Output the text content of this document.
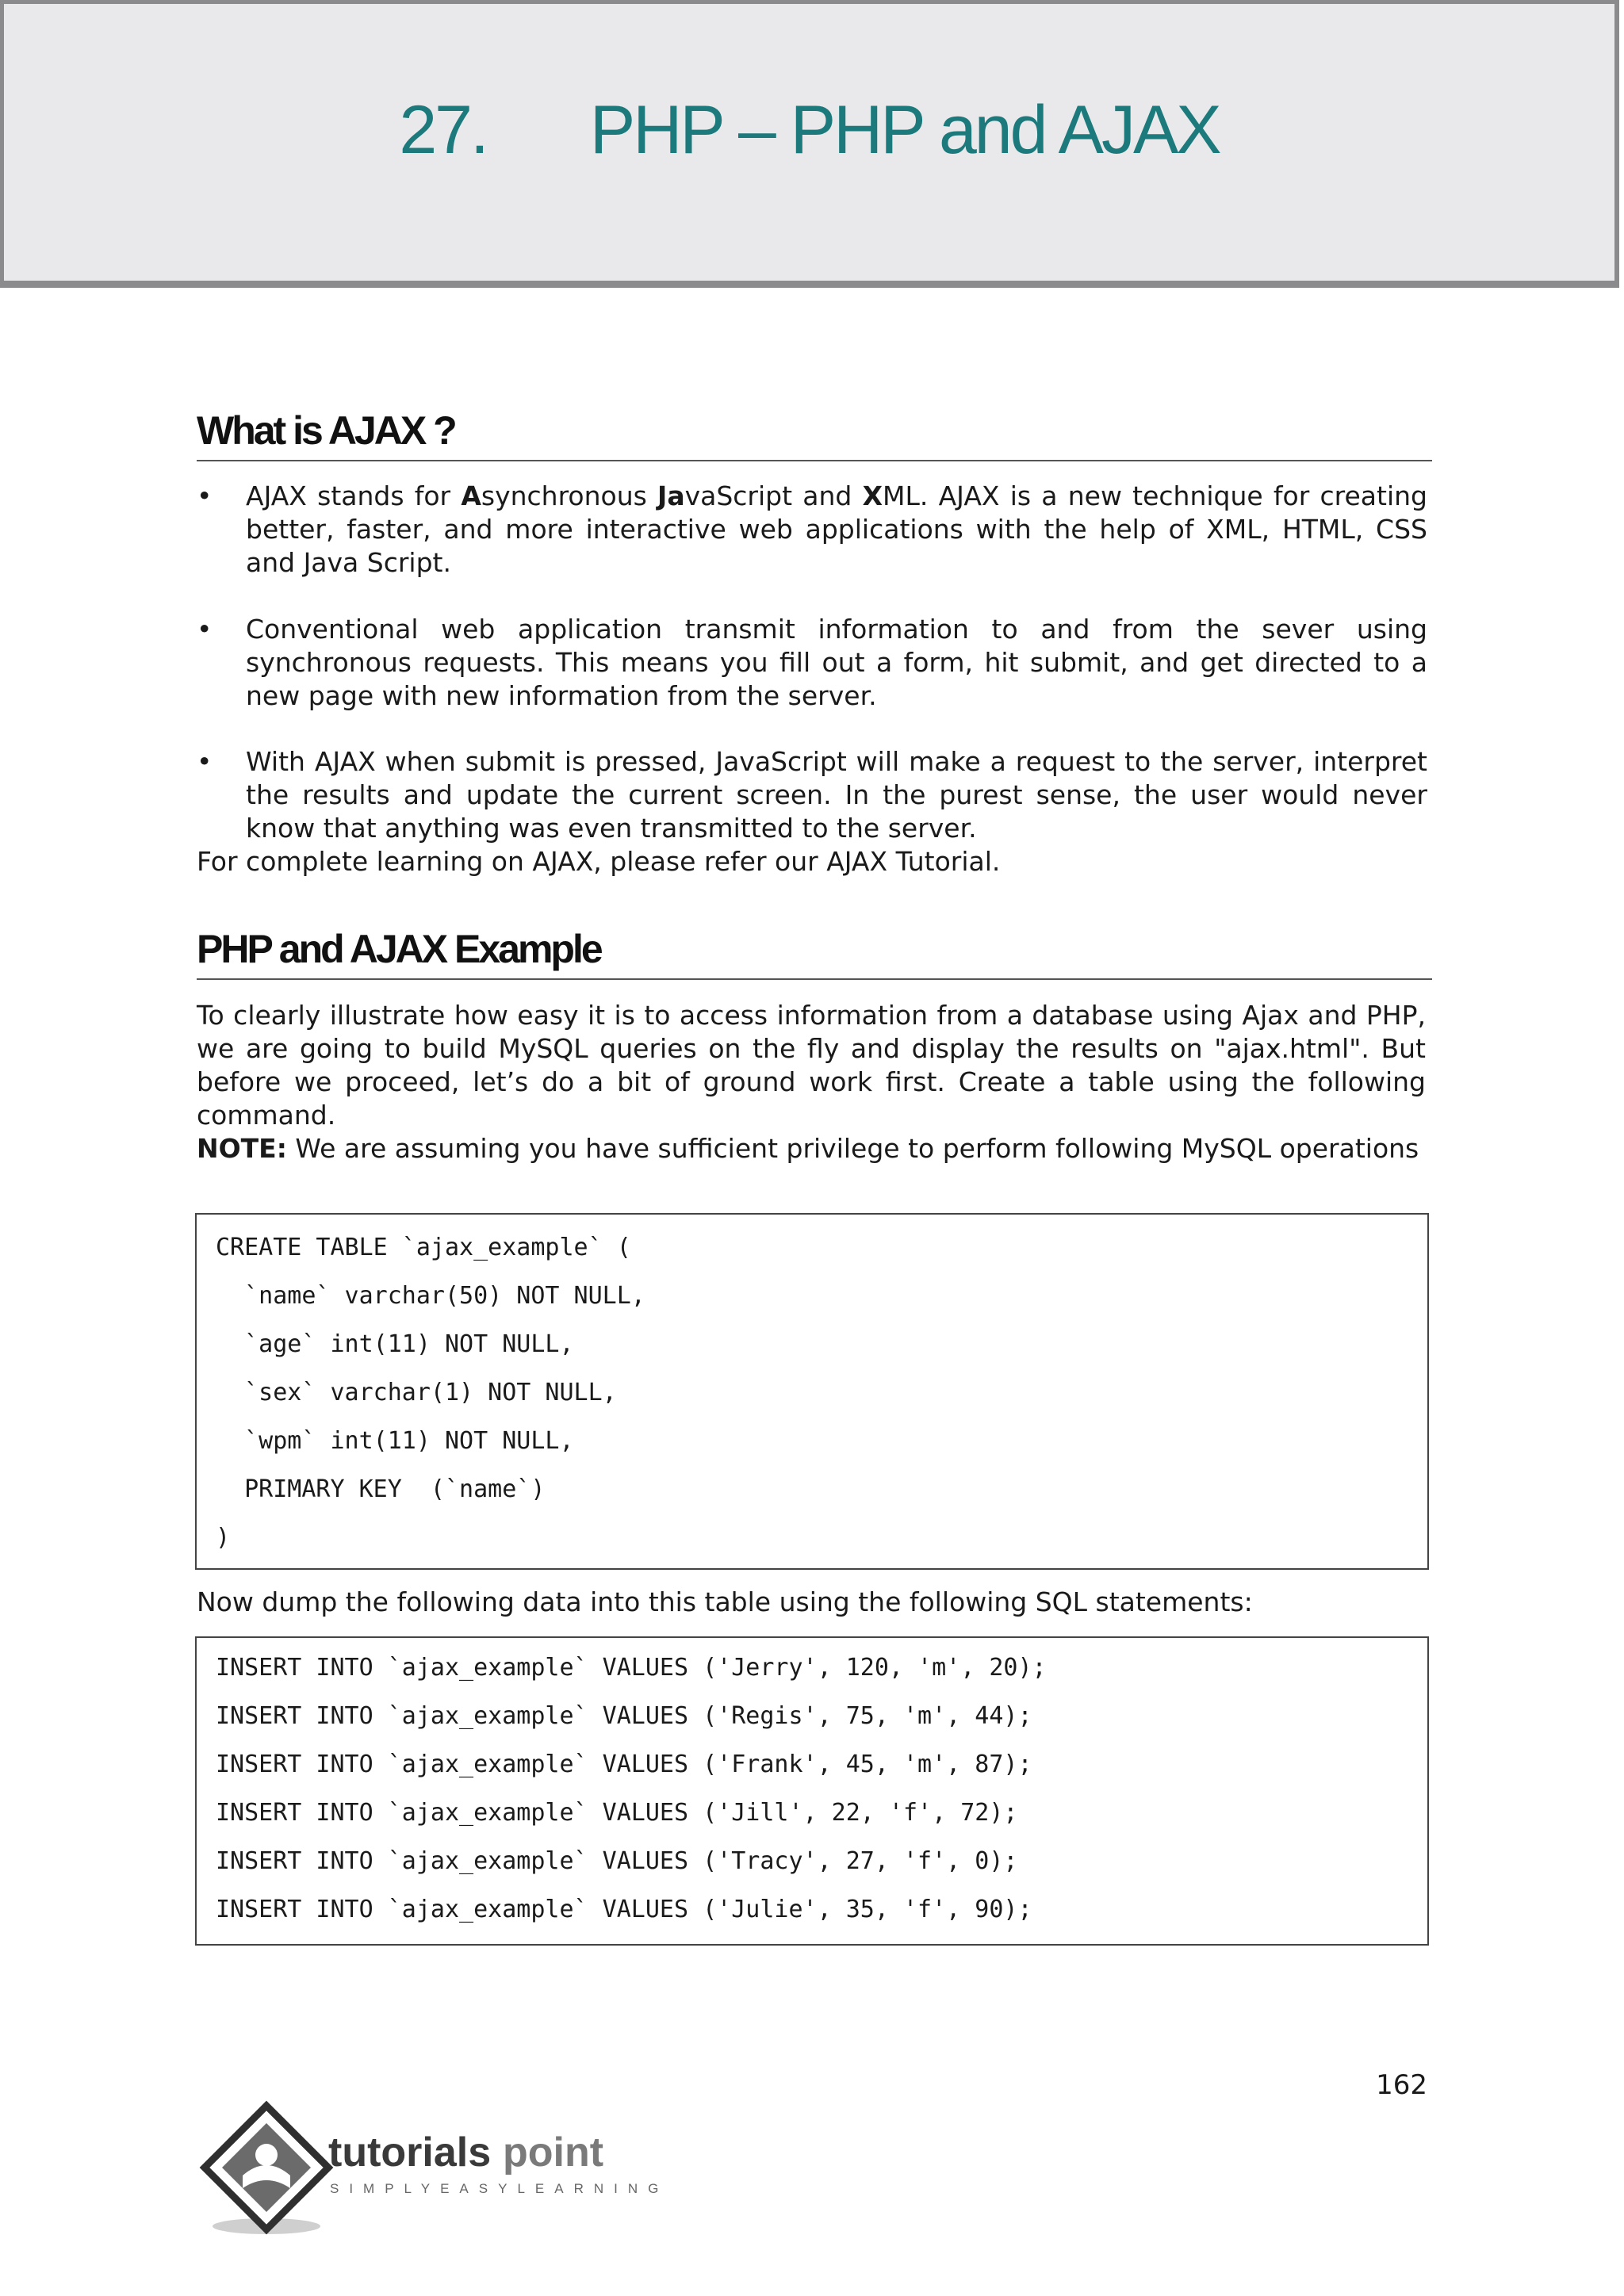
27. PHP – PHP and AJAX
What is AJAX ?
• AJAX stands for Asynchronous JavaScript and XML. AJAX is a new technique for creating better, faster, and more interactive web applications with the help of XML, HTML, CSS and Java Script.
• Conventional web application transmit information to and from the sever using synchronous requests. This means you fill out a form, hit submit, and get directed to a new page with new information from the server.
• With AJAX when submit is pressed, JavaScript will make a request to the server, interpret the results and update the current screen. In the purest sense, the user would never know that anything was even transmitted to the server.
For complete learning on AJAX, please refer our AJAX Tutorial.
PHP and AJAX Example
To clearly illustrate how easy it is to access information from a database using Ajax and PHP, we are going to build MySQL queries on the fly and display the results on "ajax.html". But before we proceed, let’s do a bit of ground work first. Create a table using the following command.
NOTE: We are assuming you have sufficient privilege to perform following MySQL operations
CREATE TABLE `ajax_example` (
`name` varchar(50) NOT NULL,
`age` int(11) NOT NULL,
`sex` varchar(1) NOT NULL,
`wpm` int(11) NOT NULL,
PRIMARY KEY  (`name`)
)
Now dump the following data into this table using the following SQL statements:
INSERT INTO `ajax_example` VALUES ('Jerry', 120, 'm', 20);
INSERT INTO `ajax_example` VALUES ('Regis', 75, 'm', 44);
INSERT INTO `ajax_example` VALUES ('Frank', 45, 'm', 87);
INSERT INTO `ajax_example` VALUES ('Jill', 22, 'f', 72);
INSERT INTO `ajax_example` VALUES ('Tracy', 27, 'f', 0);
INSERT INTO `ajax_example` VALUES ('Julie', 35, 'f', 90);
162
tutorials point
SIMPLYEASYLEARNING
